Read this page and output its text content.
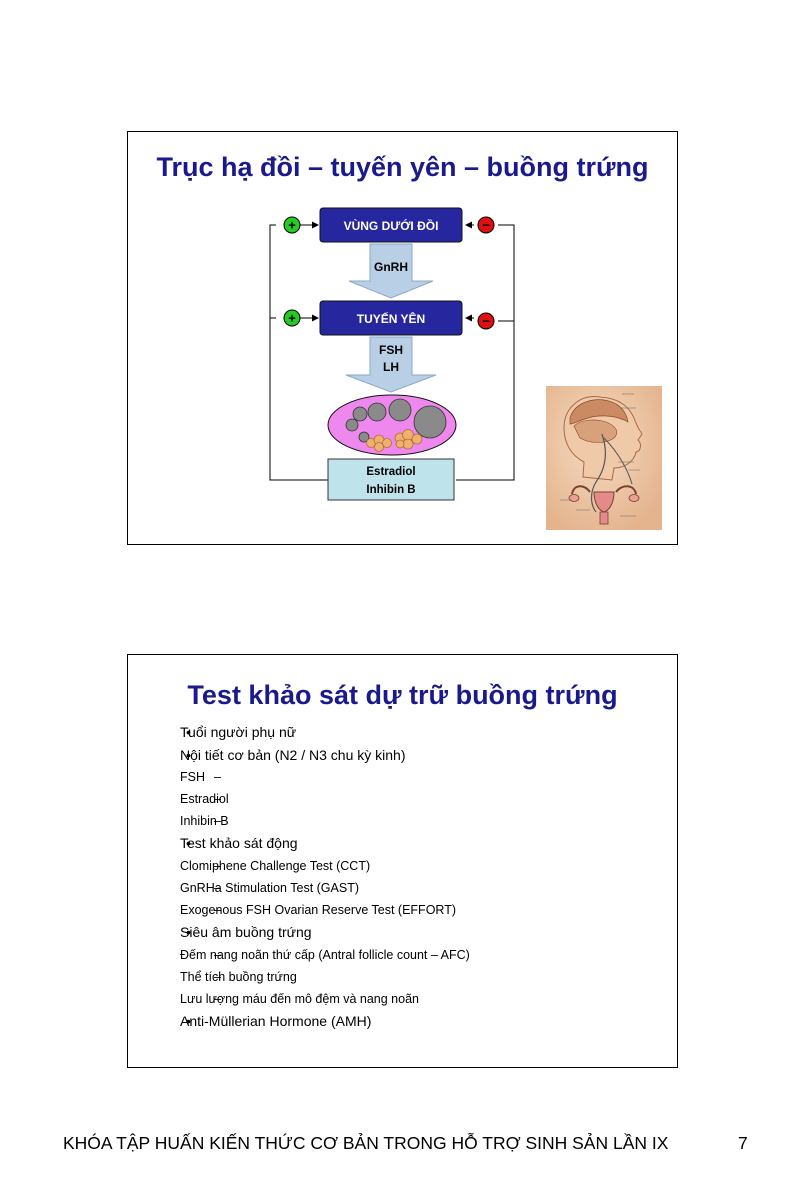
Trục hạ đồi – tuyến yên – buồng trứng
+	−
+	−
VÙNG DƯỚI ĐỒI
GnRH
TUYẾN YÊN
FSH
LH
Estradiol
Inhibin B
Test khảo sát dự trữ buồng trứng
• Tuổi người phụ nữ
• Nội tiết cơ bản (N2 / N3 chu kỳ kinh)
– FSH
– Estradiol
– Inhibin B
• Test khảo sát động
– Clomiphene Challenge Test (CCT)
– GnRHa Stimulation Test (GAST)
– Exogenous FSH Ovarian Reserve Test (EFFORT)
• Siêu âm buồng trứng
– Đếm nang noãn thứ cấp (Antral follicle count – AFC)
– Thể tích buồng trứng
– Lưu lượng máu đến mô đệm và nang noãn
• Anti-Müllerian Hormone (AMH)
KHÓA TẬP HUẤN KIẾN THỨC CƠ BẢN TRONG HỖ TRỢ SINH SẢN LẦN IX	7
